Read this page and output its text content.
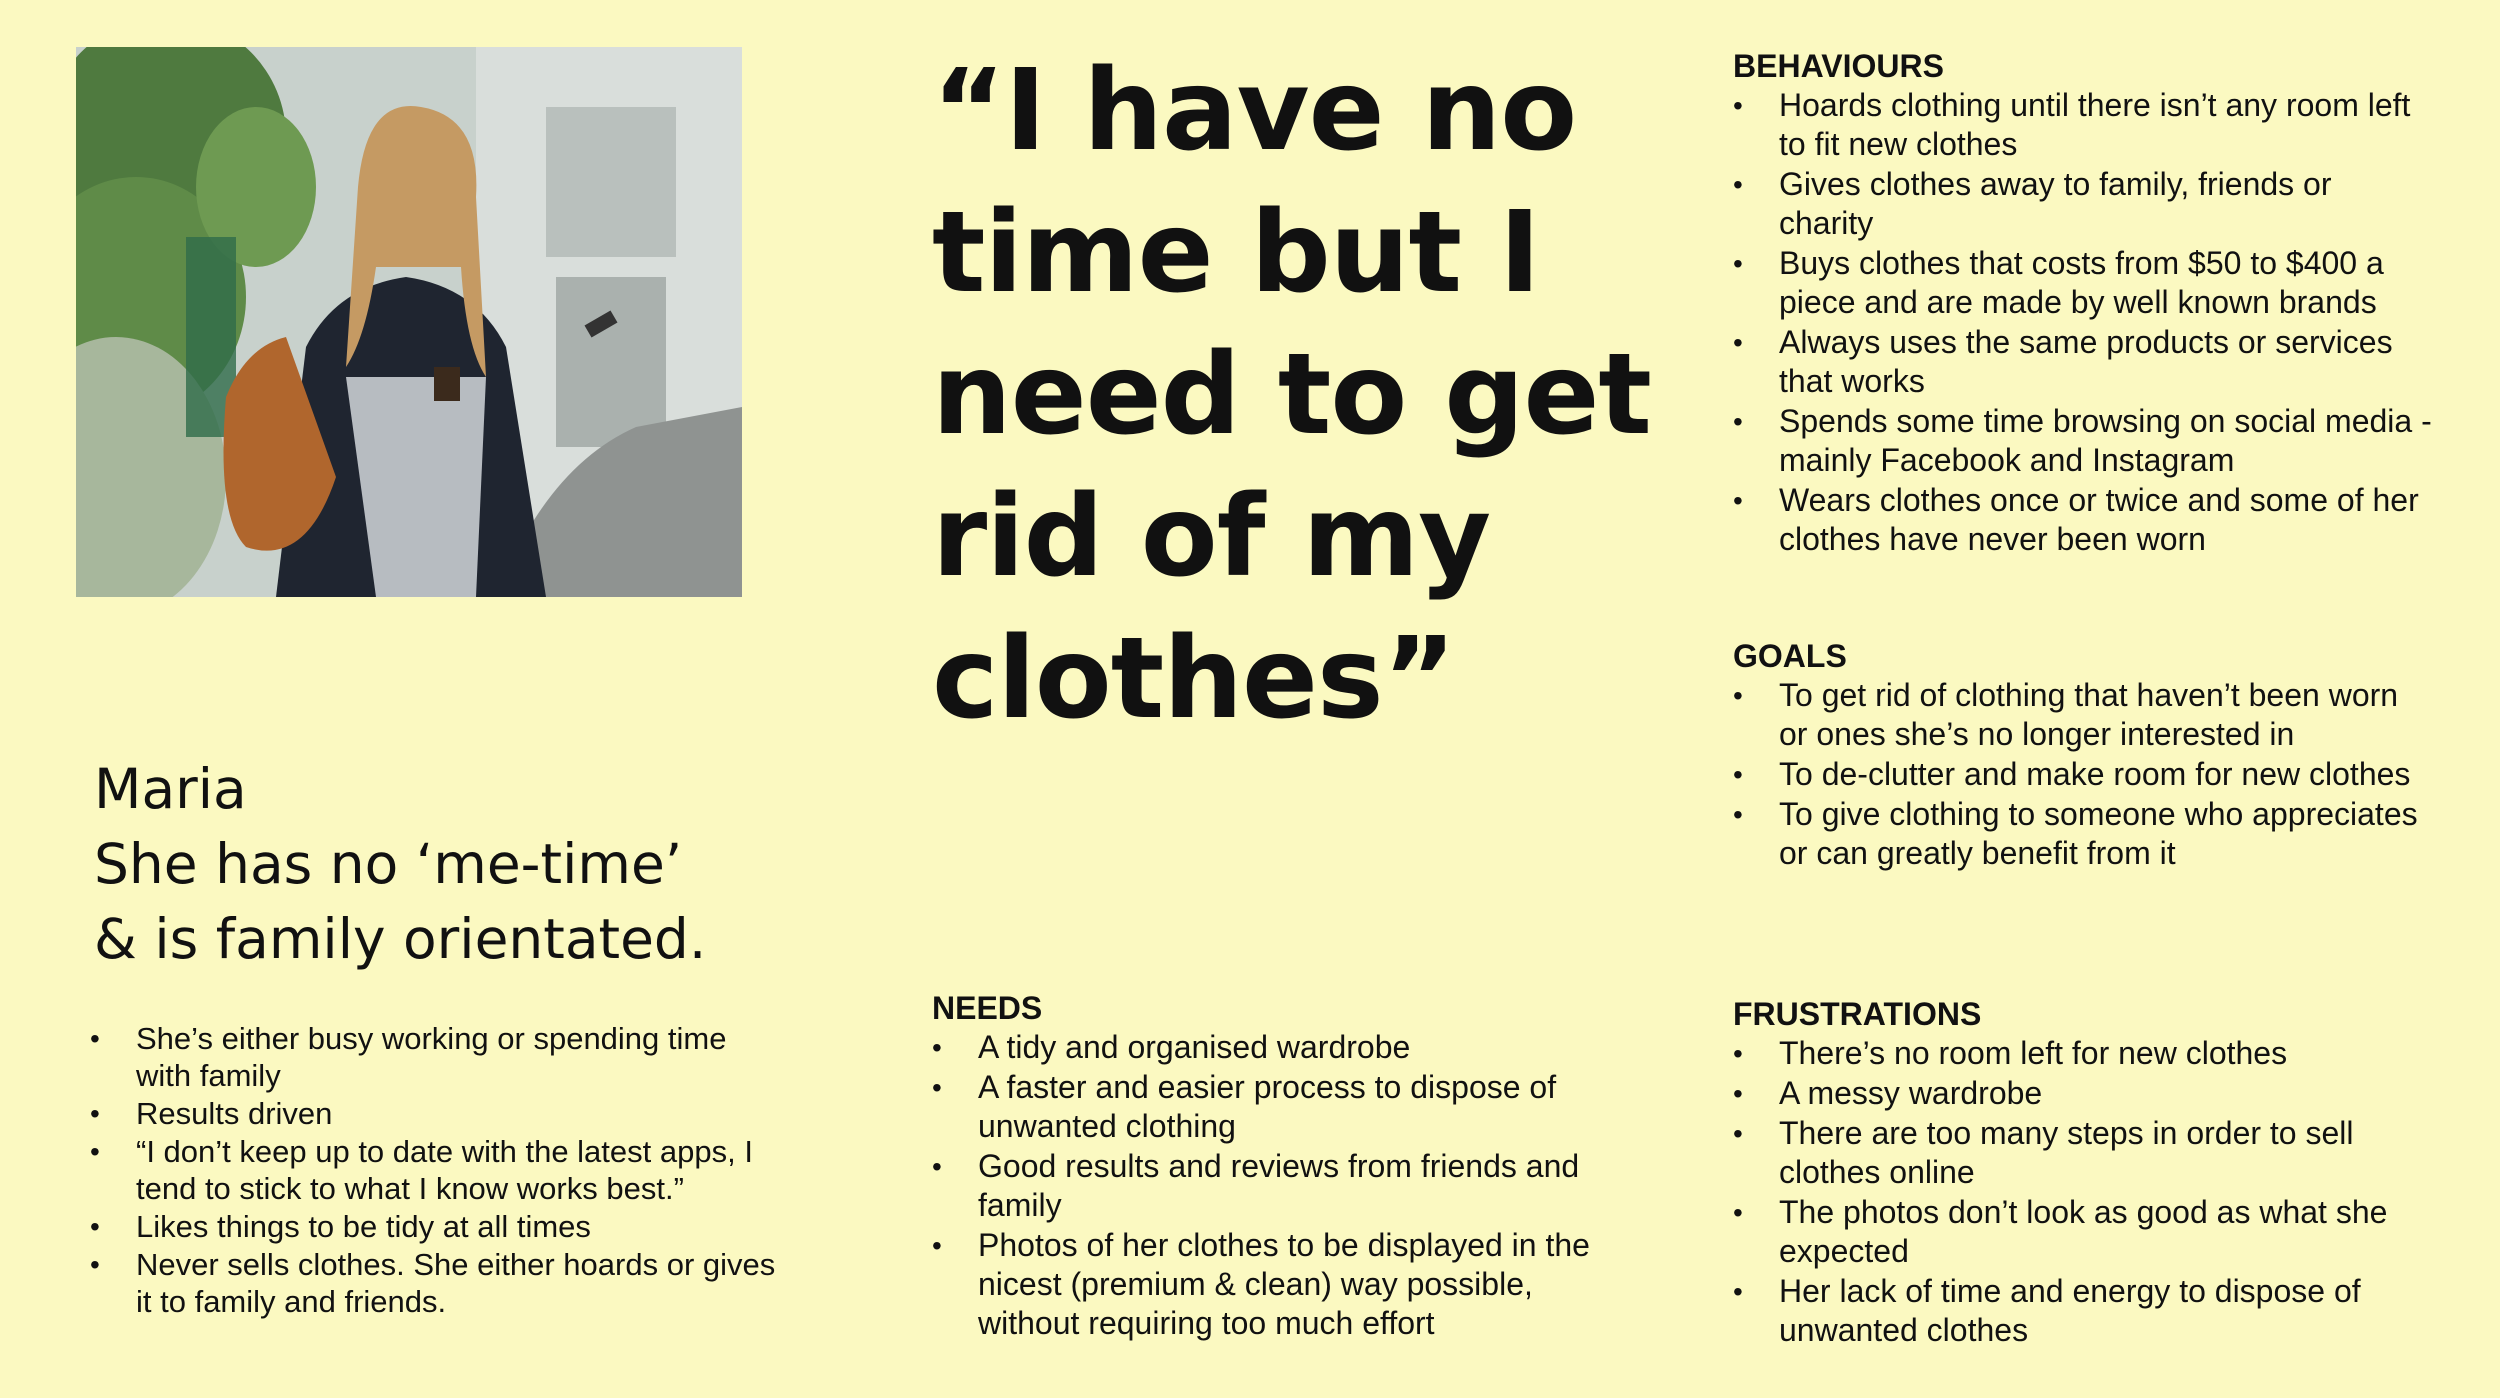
“I have no
time but I
need to get
rid of my
clothes”
Maria
She has no ‘me-time’
& is family orientated.
• She’s either busy working or spending time with family
• Results driven
• “I don’t keep up to date with the latest apps, I tend to stick to what I know works best.”
• Likes things to be tidy at all times
• Never sells clothes. She either hoards or gives it to family and friends.
NEEDS
• A tidy and organised wardrobe
• A faster and easier process to dispose of unwanted clothing
• Good results and reviews from friends and family
• Photos of her clothes to be displayed in the nicest (premium & clean) way possible, without requiring too much effort
BEHAVIOURS
• Hoards clothing until there isn’t any room left to fit new clothes
• Gives clothes away to family, friends or charity
• Buys clothes that costs from $50 to $400 a piece and are made by well known brands
• Always uses the same products or services that works
• Spends some time browsing on social media - mainly Facebook and Instagram
• Wears clothes once or twice and some of her clothes have never been worn
GOALS
• To get rid of clothing that haven’t been worn or ones she’s no longer interested in
• To de-clutter and make room for new clothes
• To give clothing to someone who appreciates or can greatly benefit from it
FRUSTRATIONS
• There’s no room left for new clothes
• A messy wardrobe
• There are too many steps in order to sell clothes online
• The photos don’t look as good as what she expected
• Her lack of time and energy to dispose of unwanted clothes
